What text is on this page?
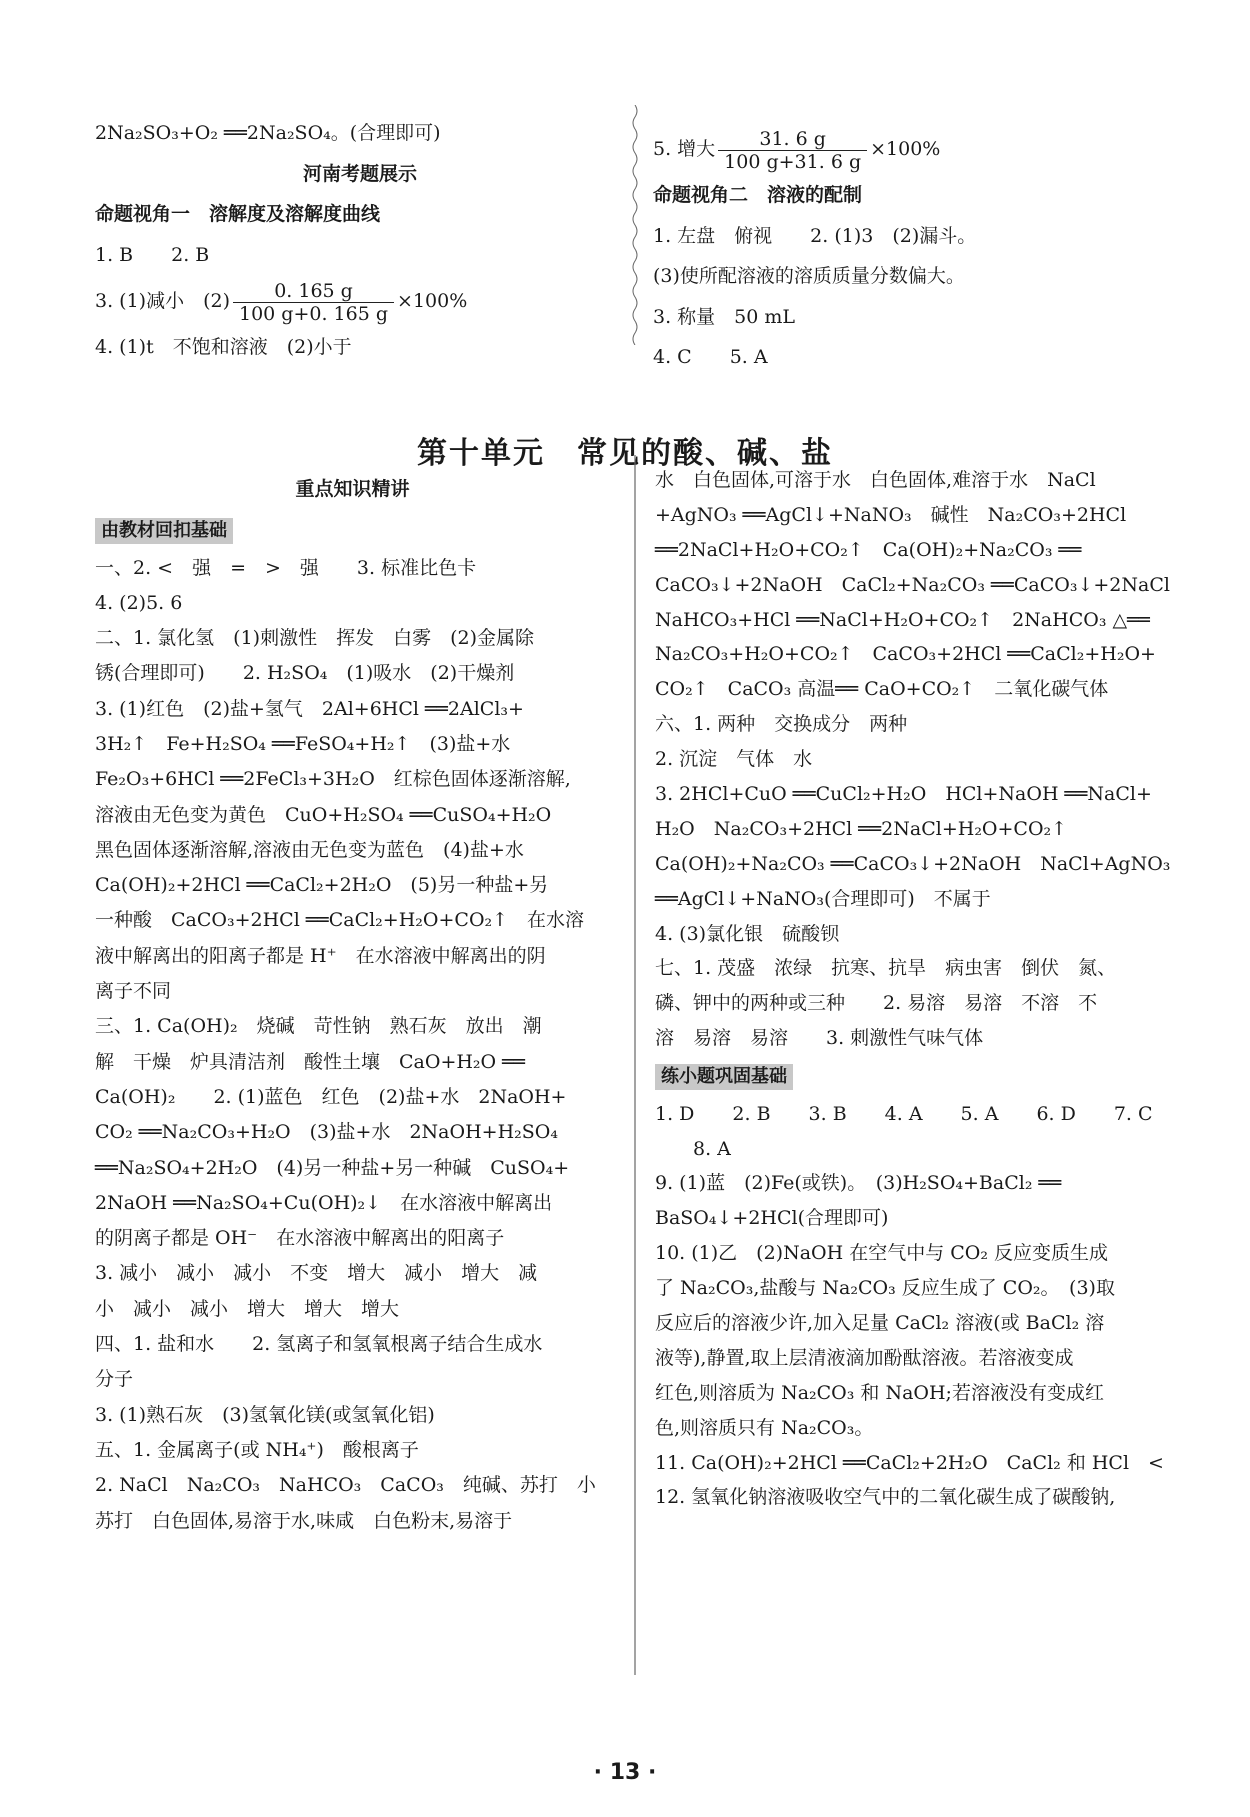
2Na₂SO₃+O₂ ══2Na₂SO₄。(合理即可)
河南考题展示
命题视角一　溶解度及溶解度曲线
1. B　　2. B
3. (1)减小　$(2) \frac{0. 165 g}{100 g+0. 165 g} \times 100\%$
4. (1)t　不饱和溶液　(2)小于
5. 增大 $\frac{31. 6 g}{100 g+31. 6 g} \times 100\%$
命题视角二　溶液的配制
1. 左盘　俯视　　2. (1)3　(2)漏斗。
(3)使所配溶液的溶质质量分数偏大。
3. 称量　50 mL
4. C　　5. A
第十单元　常见的酸、碱、盐
重点知识精讲
由教材回扣基础
一、2. <　强　=　>　强　　3. 标准比色卡
4. (2)5. 6
二、1. 氯化氢　(1)刺激性　挥发　白雾　(2)金属除
锈(合理即可)　　2. H₂SO₄　(1)吸水　(2)干燥剂
3. (1)红色　(2)盐+氢气　2Al+6HCl ══2AlCl₃+
3H₂↑　Fe+H₂SO₄ ══FeSO₄+H₂↑　(3)盐+水
Fe₂O₃+6HCl ══2FeCl₃+3H₂O　红棕色固体逐渐溶解,
溶液由无色变为黄色　CuO+H₂SO₄ ══CuSO₄+H₂O
黑色固体逐渐溶解,溶液由无色变为蓝色　(4)盐+水
Ca(OH)₂+2HCl ══CaCl₂+2H₂O　(5)另一种盐+另
一种酸　CaCO₃+2HCl ══CaCl₂+H₂O+CO₂↑　在水溶
液中解离出的阳离子都是 H⁺　在水溶液中解离出的阴
离子不同
三、1. Ca(OH)₂　烧碱　苛性钠　熟石灰　放出　潮
解　干燥　炉具清洁剂　酸性土壤　CaO+H₂O ══
Ca(OH)₂　　2. (1)蓝色　红色　(2)盐+水　2NaOH+
CO₂ ══Na₂CO₃+H₂O　(3)盐+水　2NaOH+H₂SO₄
══Na₂SO₄+2H₂O　(4)另一种盐+另一种碱　CuSO₄+
2NaOH ══Na₂SO₄+Cu(OH)₂↓　在水溶液中解离出
的阴离子都是 OH⁻　在水溶液中解离出的阳离子
3. 减小　减小　减小　不变　增大　减小　增大　减
小　减小　减小　增大　增大　增大
四、1. 盐和水　　2. 氢离子和氢氧根离子结合生成水
分子
3. (1)熟石灰　(3)氢氧化镁(或氢氧化铝)
五、1. 金属离子(或 NH₄⁺)　酸根离子
2. NaCl　Na₂CO₃　NaHCO₃　CaCO₃　纯碱、苏打　小
苏打　白色固体,易溶于水,味咸　白色粉末,易溶于
水　白色固体,可溶于水　白色固体,难溶于水　NaCl
+AgNO₃ ══AgCl↓+NaNO₃　碱性　Na₂CO₃+2HCl
══2NaCl+H₂O+CO₂↑　Ca(OH)₂+Na₂CO₃ ══
CaCO₃↓+2NaOH　CaCl₂+Na₂CO₃ ══CaCO₃↓+2NaCl
NaHCO₃+HCl ══NaCl+H₂O+CO₂↑　2NaHCO₃ △══
Na₂CO₃+H₂O+CO₂↑　CaCO₃+2HCl ══CaCl₂+H₂O+
CO₂↑　CaCO₃ 高温══ CaO+CO₂↑　二氧化碳气体
六、1. 两种　交换成分　两种
2. 沉淀　气体　水
3. 2HCl+CuO ══CuCl₂+H₂O　HCl+NaOH ══NaCl+
H₂O　Na₂CO₃+2HCl ══2NaCl+H₂O+CO₂↑
Ca(OH)₂+Na₂CO₃ ══CaCO₃↓+2NaOH　NaCl+AgNO₃
══AgCl↓+NaNO₃(合理即可)　不属于
4. (3)氯化银　硫酸钡
七、1. 茂盛　浓绿　抗寒、抗旱　病虫害　倒伏　氮、
磷、钾中的两种或三种　　2. 易溶　易溶　不溶　不
溶　易溶　易溶　　3. 刺激性气味气体
练小题巩固基础
1. D　　2. B　　3. B　　4. A　　5. A　　6. D　　7. C
　　8. A
9. (1)蓝　(2)Fe(或铁)。　(3)H₂SO₄+BaCl₂ ══
BaSO₄↓+2HCl(合理即可)
10. (1)乙　(2)NaOH 在空气中与 CO₂ 反应变质生成
了 Na₂CO₃,盐酸与 Na₂CO₃ 反应生成了 CO₂。　(3)取
反应后的溶液少许,加入足量 CaCl₂ 溶液(或 BaCl₂ 溶
液等),静置,取上层清液滴加酚酞溶液。若溶液变成
红色,则溶质为 Na₂CO₃ 和 NaOH;若溶液没有变成红
色,则溶质只有 Na₂CO₃。
11. Ca(OH)₂+2HCl ══CaCl₂+2H₂O　CaCl₂ 和 HCl　<
12. 氢氧化钠溶液吸收空气中的二氧化碳生成了碳酸钠,
· 13 ·
